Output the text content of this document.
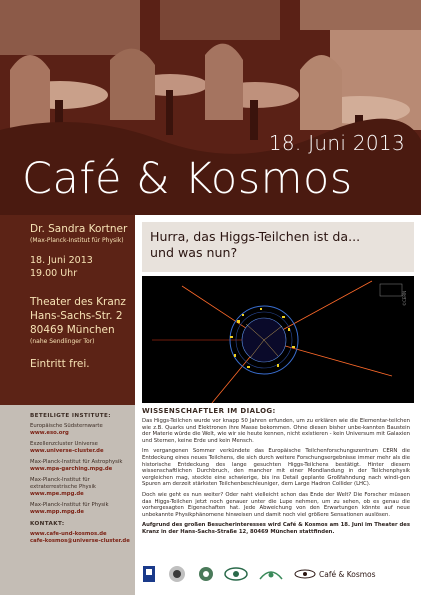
18. Juni 2013
Café & Kosmos
Dr. Sandra Kortner
(Max-Planck-Institut für Physik)
18. Juni 2013
19.00 Uhr
Theater des Kranz
Hans-Sachs-Str. 2
80469 München
(nahe Sendlinger Tor)
Eintritt frei.
BETEILIGTE INSTITUTE:
Europäische Südsternwarte
www.eso.org
Exzellenzcluster Universe
www.universe-cluster.de
Max-Planck-Institut für Astrophysik
www.mpa-garching.mpg.de
Max-Planck-Institut für extraterrestrische Physik
www.mpe.mpg.de
Max-Planck-Institut für Physik
www.mpp.mpg.de
KONTAKT:
www.cafe-und-kosmos.de
cafe-kosmos@universe-cluster.de
Hurra, das Higgs-Teilchen ist da...
und was nun?
©CERN
WISSENSCHAFTLER IM DIALOG:

Das Higgs-Teilchen wurde vor knapp 50 Jahren erfunden, um zu erklären wie die Elementar-teilchen wie z.B. Quarks und Elektronen ihre Masse bekommen. Ohne diesen bisher unbe-kannten Baustein der Materie würde die Welt, wie wir sie heute kennen, nicht existieren - kein Universum mit Galaxien und Sternen, keine Erde und kein Mensch.

Im vergangenen Sommer verkündete das Europäische Teilchenforschungszentrum CERN die Entdeckung eines neues Teilchens, die sich durch weitere Forschungsergebnisse immer mehr als die historische Entdeckung des lange gesuchten Higgs-Teilchens bestätigt. Hinter diesem wissenschaftlichen Durchbruch, den mancher mit einer Mondlandung in der Teilchenphysik vergleichen mag, steckte eine schwierige, bis ins Detail geplante Großfahndung nach windi-gen Spuren am derzeit stärksten Teilchenbeschleuniger, dem Large Hadron Collider (LHC).

Doch wie geht es nun weiter? Oder naht vielleicht schon das Ende der Welt? Die Forscher müssen das Higgs-Teilchen jetzt noch genauer unter die Lupe nehmen, um zu sehen, ob es genau die vorhergesagten Eigenschaften hat. Jede Abweichung von den Erwartungen könnte auf neue unbekannte Physikphänomene hinweisen und damit noch viel größere Sensationen auslösen.

Aufgrund des großen Besucherinteresses wird Café & Kosmos am 18. Juni im Theater des Kranz in der Hans-Sachs-Straße 12, 80469 München stattfinden.

Café & Kosmos
